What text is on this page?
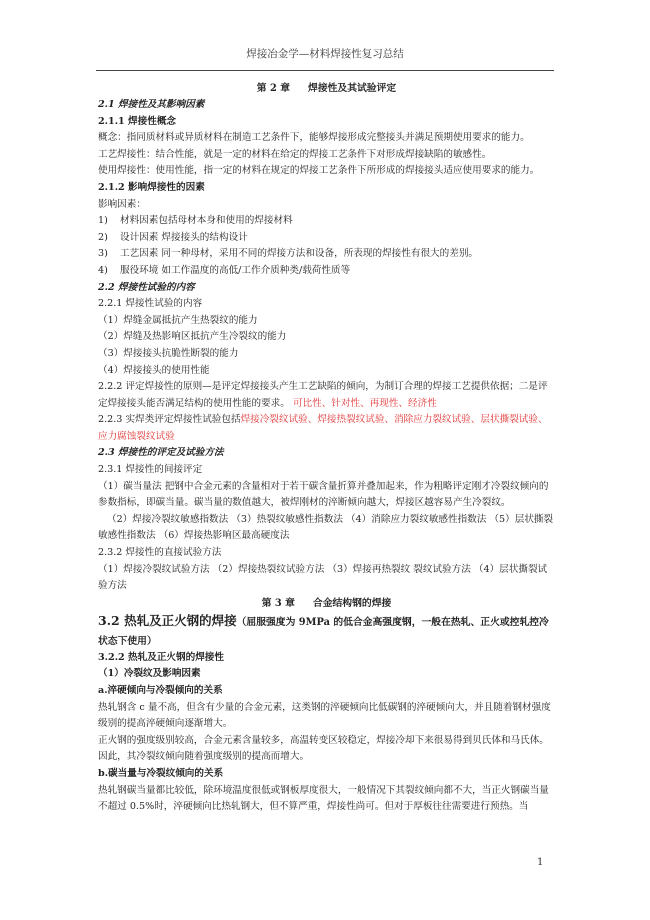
焊接冶金学—材料焊接性复习总结

第 2 章 焊接性及其试验评定

2.1 焊接性及其影响因素

2.1.1 焊接性概念

概念：指同质材料或异质材料在制造工艺条件下，能够焊接形成完整接头并满足预期使用要求的能力。

工艺焊接性：结合性能，就是一定的材料在给定的焊接工艺条件下对形成焊接缺陷的敏感性。

使用焊接性：使用性能，指一定的材料在规定的焊接工艺条件下所形成的焊接接头适应使用要求的能力。

2.1.2 影响焊接性的因素

影响因素：

1)	材料因素包括母材本身和使用的焊接材料
2)	设计因素 焊接接头的结构设计
3)	工艺因素 同一种母材，采用不同的焊接方法和设备，所表现的焊接性有很大的差别。
4)	服役环境 如工作温度的高低/工作介质种类/载荷性质等

2.2 焊接性试验的内容

2.2.1 焊接性试验的内容

（1）焊缝金属抵抗产生热裂纹的能力

（2）焊缝及热影响区抵抗产生冷裂纹的能力

（3）焊接接头抗脆性断裂的能力

（4）焊接接头的使用性能

2.2.2 评定焊接性的原则—是评定焊接接头产生工艺缺陷的倾向，为制订合理的焊接工艺提供依据；二是评定焊接接头能否满足结构的使用性能的要求。 可比性、针对性、再现性、经济性

2.2.3 实焊类评定焊接性试验包括焊接冷裂纹试验、焊接热裂纹试验、消除应力裂纹试验、层状撕裂试验、应力腐蚀裂纹试验

2.3 焊接性的评定及试验方法

2.3.1 焊接性的间接评定

（1）碳当量法 把钢中合金元素的含量相对于若干碳含量折算并叠加起来，作为粗略评定刚才冷裂纹倾向的参数指标，即碳当量。碳当量的数值越大，被焊刚材的淬断倾向越大，焊接区越容易产生冷裂纹。

（2）焊接冷裂纹敏感指数法 （3）热裂纹敏感性指数法 （4）消除应力裂纹敏感性指数法 （5）层状撕裂敏感性指数法 （6）焊接热影响区最高硬度法

2.3.2 焊接性的直接试验方法

（1）焊接冷裂纹试验方法 （2）焊接热裂纹试验方法 （3）焊接再热裂纹 裂纹试验方法 （4）层状撕裂试验方法

第 3 章 合金结构钢的焊接

3.2 热轧及正火钢的焊接（屈服强度为 9MPa 的低合金高强度钢，一般在热轧、正火或控轧控冷状态下使用）

3.2.2 热轧及正火钢的焊接性

（1）冷裂纹及影响因素

a.淬硬倾向与冷裂倾向的关系

热轧钢含 c 量不高，但含有少量的合金元素，这类钢的淬硬倾向比低碳钢的淬硬倾向大，并且随着钢材强度级别的提高淬硬倾向逐渐增大。

正火钢的强度级别较高，合金元素含量较多，高温转变区较稳定，焊接冷却下来很易得到贝氏体和马氏体。因此，其冷裂纹倾向随着强度级别的提高而增大。

b.碳当量与冷裂纹倾向的关系

热轧钢碳当量都比较低，除环境温度很低或钢板厚度很大，一般情况下其裂纹倾向都不大，当正火钢碳当量不超过 0.5%时，淬硬倾向比热轧钢大，但不算严重，焊接性尚可。但对于厚板往往需要进行预热。当

1
